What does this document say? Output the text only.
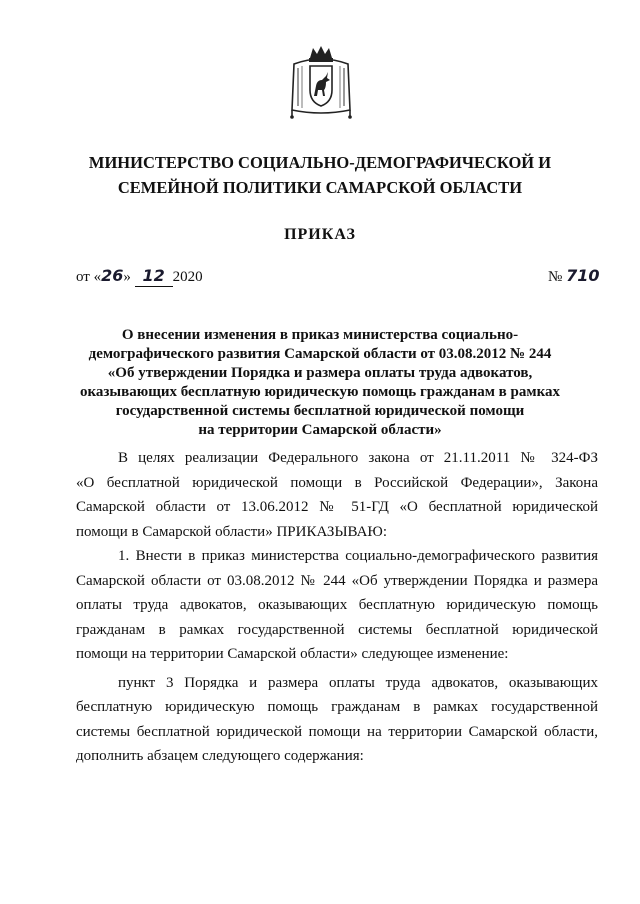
МИНИСТЕРСТВО СОЦИАЛЬНО-ДЕМОГРАФИЧЕСКОЙ И
СЕМЕЙНОЙ ПОЛИТИКИ САМАРСКОЙ ОБЛАСТИ
ПРИКАЗ
от «26» 12 2020	№ 710
О внесении изменения в приказ министерства социально-
демографического развития Самарской области от 03.08.2012 № 244
«Об утверждении Порядка и размера оплаты труда адвокатов,
оказывающих бесплатную юридическую помощь гражданам в рамках
государственной системы бесплатной юридической помощи
на территории Самарской области»

В целях реализации Федерального закона от 21.11.2011 № 324-ФЗ
«О бесплатной юридической помощи в Российской Федерации», Закона
Самарской области от 13.06.2012 № 51-ГД «О бесплатной юридической
помощи в Самарской области» ПРИКАЗЫВАЮ:

1. Внести в приказ министерства социально-демографического развития
Самарской области от 03.08.2012 № 244 «Об утверждении Порядка и размера
оплаты труда адвокатов, оказывающих бесплатную юридическую помощь
гражданам в рамках государственной системы бесплатной юридической
помощи на территории Самарской области» следующее изменение:

пункт 3 Порядка и размера оплаты труда адвокатов, оказывающих
бесплатную юридическую помощь гражданам в рамках государственной
системы бесплатной юридической помощи на территории Самарской области,
дополнить абзацем следующего содержания:
